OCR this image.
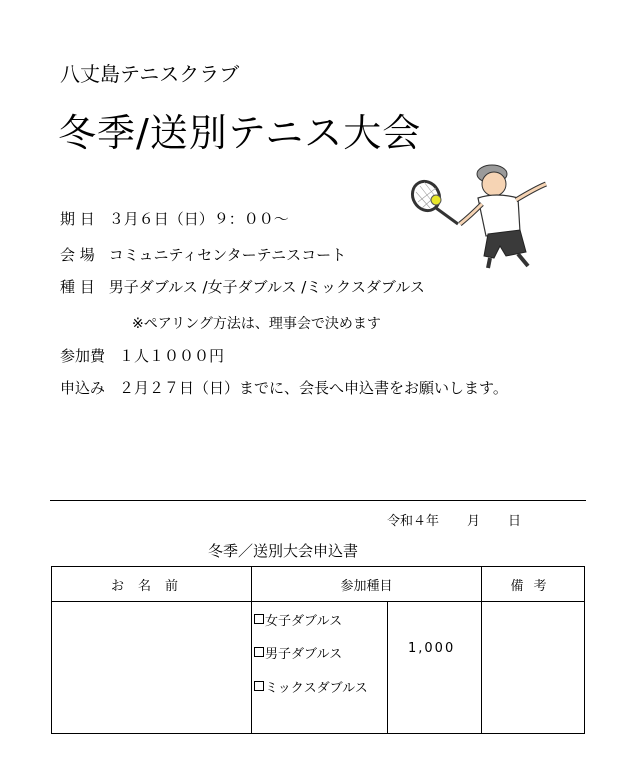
八丈島テニスクラブ
冬季/送別テニス大会
期 日 ３月６日（日）９：００～
会 場 コミュニティセンターテニスコート
種 目 男子ダブルス /女子ダブルス /ミックスダブルス
※ペアリング方法は、理事会で決めます
参加費 １人１０００円
申込み ２月２７日（日）までに、会長へ申込書をお願いします。
令和４年 月 日
冬季／送別大会申込書
お名前	参加種目	備考
女子ダブルス
男子ダブルス
ミックスダブルス
1,000
